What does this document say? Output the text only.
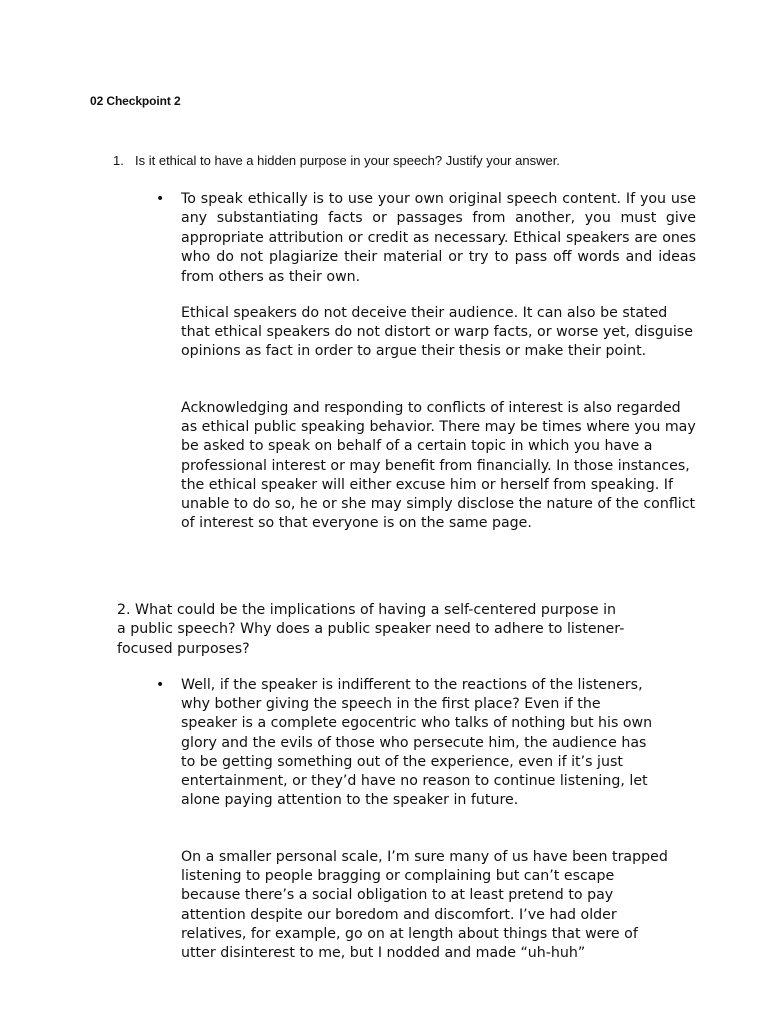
02 Checkpoint 2
1. Is it ethical to have a hidden purpose in your speech? Justify your answer.
• To speak ethically is to use your own original speech content. If you use any substantiating facts or passages from another, you must give appropriate attribution or credit as necessary. Ethical speakers are ones who do not plagiarize their material or try to pass off words and ideas from others as their own.
Ethical speakers do not deceive their audience. It can also be stated that ethical speakers do not distort or warp facts, or worse yet, disguise opinions as fact in order to argue their thesis or make their point.
Acknowledging and responding to conflicts of interest is also regarded as ethical public speaking behavior. There may be times where you may be asked to speak on behalf of a certain topic in which you have a professional interest or may benefit from financially. In those instances, the ethical speaker will either excuse him or herself from speaking. If unable to do so, he or she may simply disclose the nature of the conflict of interest so that everyone is on the same page.
2. What could be the implications of having a self-centered purpose in a public speech? Why does a public speaker need to adhere to listener- focused purposes?
• Well, if the speaker is indifferent to the reactions of the listeners, why bother giving the speech in the first place? Even if the speaker is a complete egocentric who talks of nothing but his own glory and the evils of those who persecute him, the audience has to be getting something out of the experience, even if it’s just entertainment, or they’d have no reason to continue listening, let alone paying attention to the speaker in future.
On a smaller personal scale, I’m sure many of us have been trapped listening to people bragging or complaining but can’t escape because there’s a social obligation to at least pretend to pay attention despite our boredom and discomfort. I’ve had older relatives, for example, go on at length about things that were of utter disinterest to me, but I nodded and made “uh-huh”
